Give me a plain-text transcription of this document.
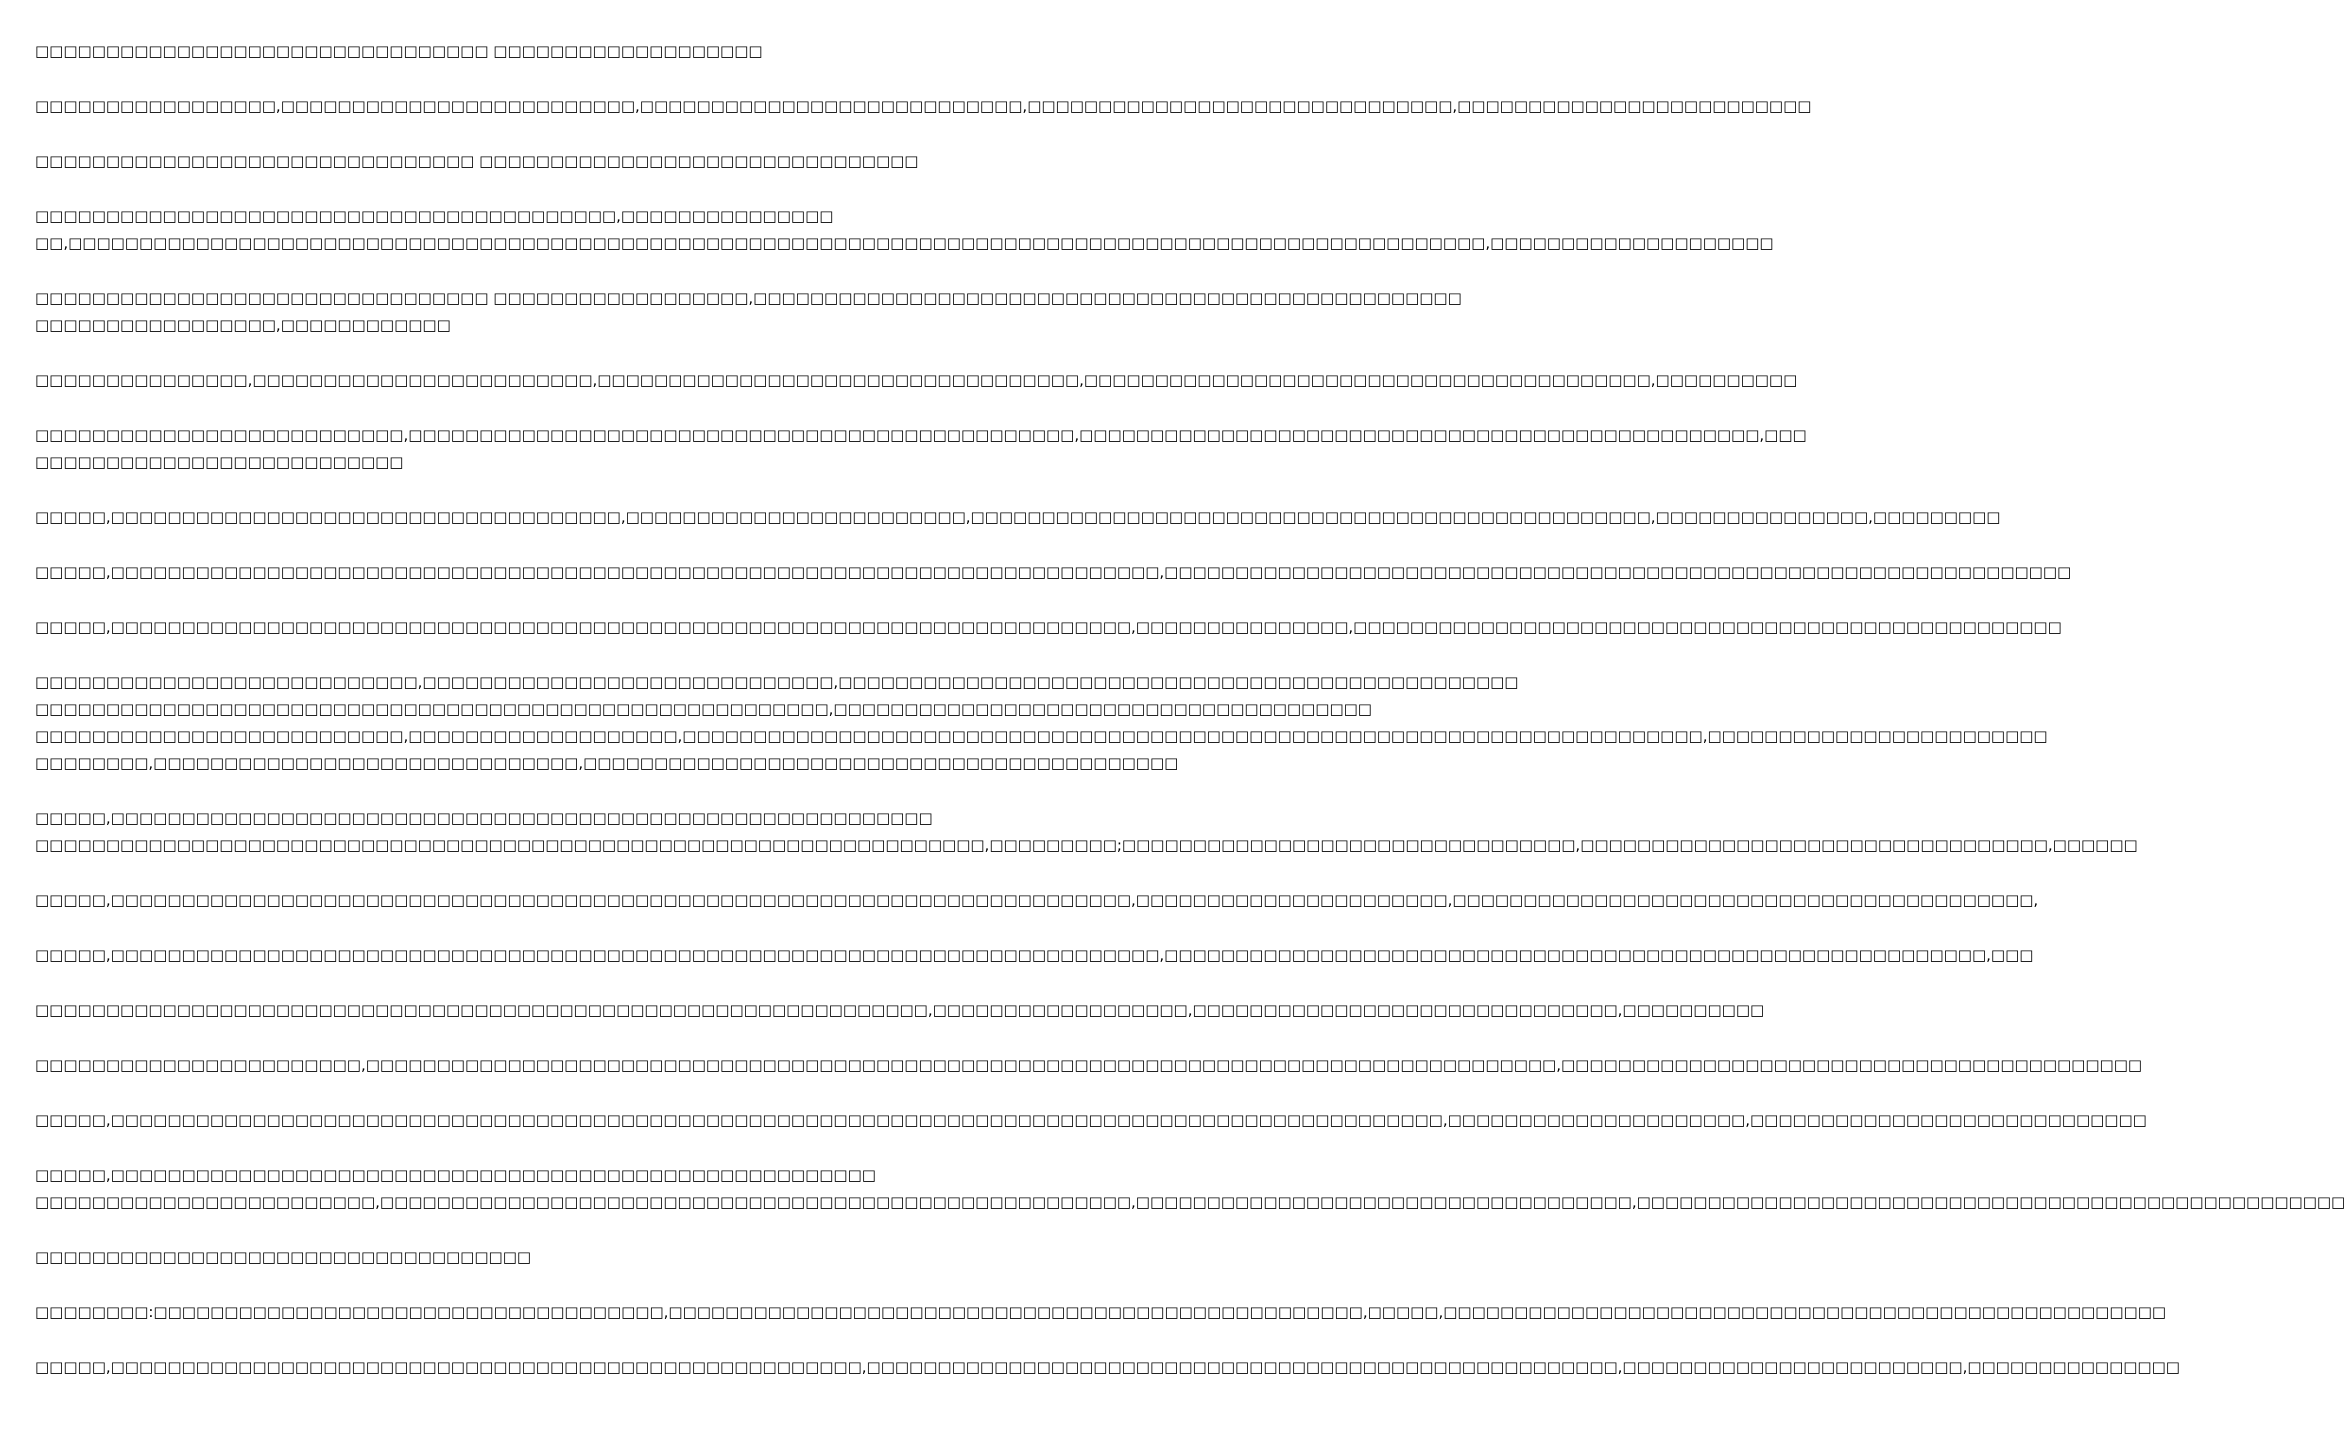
□□□□□□□□□□□□□□□□□□□□□□□□□□□□□□□□ □□□□□□□□□□□□□□□□□□□

□□□□□□□□□□□□□□□□□,□□□□□□□□□□□□□□□□□□□□□□□□□,□□□□□□□□□□□□□□□□□□□□□□□□□□□,□□□□□□□□□□□□□□□□□□□□□□□□□□□□□□,□□□□□□□□□□□□□□□□□□□□□□□□□

□□□□□□□□□□□□□□□□□□□□□□□□□□□□□□□ □□□□□□□□□□□□□□□□□□□□□□□□□□□□□□□

□□□□□□□□□□□□□□□□□□□□□□□□□□□□□□□□□□□□□□□□□,□□□□□□□□□□□□□□□
□□,□□□□□□□□□□□□□□□□□□□□□□□□□□□□□□□□□□□□□□□□□□□□□□□□□□□□□□□□□□□□□□□□□□□□□□□□□□□□□□□□□□□□□□□□□□□□□□□□□□□□,□□□□□□□□□□□□□□□□□□□□

□□□□□□□□□□□□□□□□□□□□□□□□□□□□□□□□ □□□□□□□□□□□□□□□□□□,□□□□□□□□□□□□□□□□□□□□□□□□□□□□□□□□□□□□□□□□□□□□□□□□□□
□□□□□□□□□□□□□□□□□,□□□□□□□□□□□□

□□□□□□□□□□□□□□□,□□□□□□□□□□□□□□□□□□□□□□□□,□□□□□□□□□□□□□□□□□□□□□□□□□□□□□□□□□□,□□□□□□□□□□□□□□□□□□□□□□□□□□□□□□□□□□□□□□□□,□□□□□□□□□□

□□□□□□□□□□□□□□□□□□□□□□□□□□,□□□□□□□□□□□□□□□□□□□□□□□□□□□□□□□□□□□□□□□□□□□□□□□,□□□□□□□□□□□□□□□□□□□□□□□□□□□□□□□□□□□□□□□□□□□□□□□□,□□□
□□□□□□□□□□□□□□□□□□□□□□□□□□

□□□□□,□□□□□□□□□□□□□□□□□□□□□□□□□□□□□□□□□□□□,□□□□□□□□□□□□□□□□□□□□□□□□,□□□□□□□□□□□□□□□□□□□□□□□□□□□□□□□□□□□□□□□□□□□□□□□□,□□□□□□□□□□□□□□□,□□□□□□□□□

□□□□□,□□□□□□□□□□□□□□□□□□□□□□□□□□□□□□□□□□□□□□□□□□□□□□□□□□□□□□□□□□□□□□□□□□□□□□□□□□,□□□□□□□□□□□□□□□□□□□□□□□□□□□□□□□□□□□□□□□□□□□□□□□□□□□□□□□□□□□□□□□□

□□□□□,□□□□□□□□□□□□□□□□□□□□□□□□□□□□□□□□□□□□□□□□□□□□□□□□□□□□□□□□□□□□□□□□□□□□□□□□,□□□□□□□□□□□□□□□,□□□□□□□□□□□□□□□□□□□□□□□□□□□□□□□□□□□□□□□□□□□□□□□□□□

□□□□□□□□□□□□□□□□□□□□□□□□□□□,□□□□□□□□□□□□□□□□□□□□□□□□□□□□□,□□□□□□□□□□□□□□□□□□□□□□□□□□□□□□□□□□□□□□□□□□□□□□□□
□□□□□□□□□□□□□□□□□□□□□□□□□□□□□□□□□□□□□□□□□□□□□□□□□□□□□□□□,□□□□□□□□□□□□□□□□□□□□□□□□□□□□□□□□□□□□□□
□□□□□□□□□□□□□□□□□□□□□□□□□□,□□□□□□□□□□□□□□□□□□□,□□□□□□□□□□□□□□□□□□□□□□□□□□□□□□□□□□□□□□□□□□□□□□□□□□□□□□□□□□□□□□□□□□□□□□□□,□□□□□□□□□□□□□□□□□□□□□□□□
□□□□□□□□,□□□□□□□□□□□□□□□□□□□□□□□□□□□□□□,□□□□□□□□□□□□□□□□□□□□□□□□□□□□□□□□□□□□□□□□□□

□□□□□,□□□□□□□□□□□□□□□□□□□□□□□□□□□□□□□□□□□□□□□□□□□□□□□□□□□□□□□□□□
□□□□□□□□□□□□□□□□□□□□□□□□□□□□□□□□□□□□□□□□□□□□□□□□□□□□□□□□□□□□□□□□□□□,□□□□□□□□□;□□□□□□□□□□□□□□□□□□□□□□□□□□□□□□□□,□□□□□□□□□□□□□□□□□□□□□□□□□□□□□□□□□,□□□□□□

□□□□□,□□□□□□□□□□□□□□□□□□□□□□□□□□□□□□□□□□□□□□□□□□□□□□□□□□□□□□□□□□□□□□□□□□□□□□□□,□□□□□□□□□□□□□□□□□□□□□□,□□□□□□□□□□□□□□□□□□□□□□□□□□□□□□□□□□□□□□□□□,

□□□□□,□□□□□□□□□□□□□□□□□□□□□□□□□□□□□□□□□□□□□□□□□□□□□□□□□□□□□□□□□□□□□□□□□□□□□□□□□□,□□□□□□□□□□□□□□□□□□□□□□□□□□□□□□□□□□□□□□□□□□□□□□□□□□□□□□□□□□,□□□

□□□□□□□□□□□□□□□□□□□□□□□□□□□□□□□□□□□□□□□□□□□□□□□□□□□□□□□□□□□□□□□,□□□□□□□□□□□□□□□□□□,□□□□□□□□□□□□□□□□□□□□□□□□□□□□□□,□□□□□□□□□□

□□□□□□□□□□□□□□□□□□□□□□□,□□□□□□□□□□□□□□□□□□□□□□□□□□□□□□□□□□□□□□□□□□□□□□□□□□□□□□□□□□□□□□□□□□□□□□□□□□□□□□□□□□□□,□□□□□□□□□□□□□□□□□□□□□□□□□□□□□□□□□□□□□□□□□

□□□□□,□□□□□□□□□□□□□□□□□□□□□□□□□□□□□□□□□□□□□□□□□□□□□□□□□□□□□□□□□□□□□□□□□□□□□□□□□□□□□□□□□□□□□□□□□□□□□□,□□□□□□□□□□□□□□□□□□□□□,□□□□□□□□□□□□□□□□□□□□□□□□□□□□

□□□□□,□□□□□□□□□□□□□□□□□□□□□□□□□□□□□□□□□□□□□□□□□□□□□□□□□□□□□□
□□□□□□□□□□□□□□□□□□□□□□□□,□□□□□□□□□□□□□□□□□□□□□□□□□□□□□□□□□□□□□□□□□□□□□□□□□□□□□,□□□□□□□□□□□□□□□□□□□□□□□□□□□□□□□□□□□,□□□□□□□□□□□□□□□□□□□□□□□□□□□□□□□□□□□□□□□□□□□□□□□□□□

□□□□□□□□□□□□□□□□□□□□□□□□□□□□□□□□□□□

□□□□□□□□:□□□□□□□□□□□□□□□□□□□□□□□□□□□□□□□□□□□□,□□□□□□□□□□□□□□□□□□□□□□□□□□□□□□□□□□□□□□□□□□□□□□□□□,□□□□□,□□□□□□□□□□□□□□□□□□□□□□□□□□□□□□□□□□□□□□□□□□□□□□□□□□□

□□□□□,□□□□□□□□□□□□□□□□□□□□□□□□□□□□□□□□□□□□□□□□□□□□□□□□□□□□□,□□□□□□□□□□□□□□□□□□□□□□□□□□□□□□□□□□□□□□□□□□□□□□□□□□□□□,□□□□□□□□□□□□□□□□□□□□□□□□,□□□□□□□□□□□□□□□
